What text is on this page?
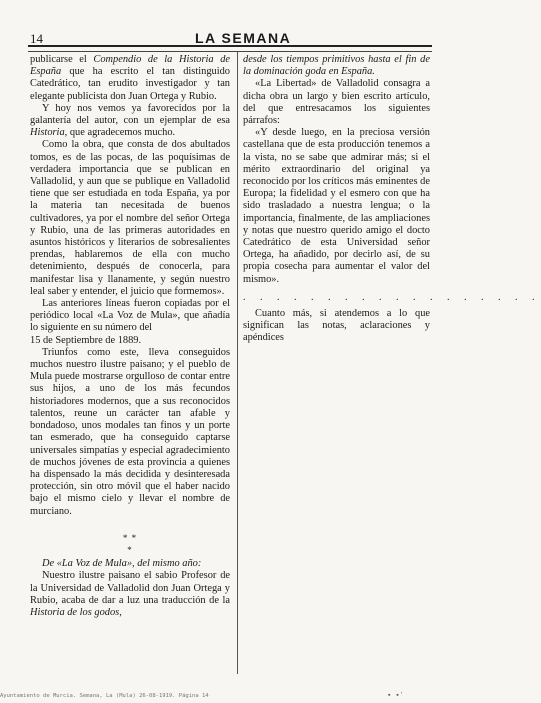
14	LA SEMANA

publicarse el Compendio de la Historia de España que ha escrito el tan distinguido Catedrático, tan erudito investigador y tan elegante publicista don Juan Ortega y Rubio.

Y hoy nos vemos ya favorecidos por la galantería del autor, con un ejemplar de esa Historia, que agradecemos mucho.

Como la obra, que consta de dos abultados tomos, es de las pocas, de las poquísimas de verdadera importancia que se publican en Valladolid, y aun que se publique en Valladolid tiene que ser estudiada en toda España, ya por la materia tan necesitada de buenos cultivadores, ya por el nombre del señor Ortega y Rubio, una de las primeras autoridades en asuntos históricos y literarios de sobresalientes prendas, hablaremos de ella con mucho detenimiento, después de conocerla, para manifestar lisa y llanamente, y según nuestro leal saber y entender, el juicio que formemos».

Las anteriores líneas fueron copiadas por el periódico local «La Voz de Mula», que añadía lo siguiente en su número del
15 de Septiembre de 1889.

Triunfos como este, lleva conseguidos muchos nuestro ilustre paisano; y el pueblo de Mula puede mostrarse orgulloso de contar entre sus hijos, a uno de los más fecundos historiadores modernos, que a sus reconocidos talentos, reune un carácter tan afable y bondadoso, unos modales tan finos y un porte tan esmerado, que ha conseguido captarse universales simpatías y especial agradecimiento de muchos jóvenes de esta provincia a quienes ha dispensado la más decidida y desinteresada protección, sin otro móvil que el haber nacido bajo el mismo cielo y llevar el nombre de murciano.

* *
*

De «La Voz de Mula», del mismo año:

Nuestro ilustre paisano el sabio Profesor de la Universidad de Valladolid don Juan Ortega y Rubio, acaba de dar a luz una traducción de la Historia de los godos,

desde los tiempos primitivos hasta el fin de la dominación goda en España.

«La Libertad» de Valladolid consagra a dicha obra un largo y bien escrito artículo, del que entresacamos los siguientes párrafos:

«Y desde luego, en la preciosa versión castellana que de esta producción tenemos a la vista, no se sabe que admirar más; si el mérito extraordinario del original ya reconocido por los críticos más eminentes de Europa; la fidelidad y el esmero con que ha sido trasladado a nuestra lengua; o la importancia, finalmente, de las ampliaciones y notas que nuestro querido amigo el docto Catedrático de esta Universidad señor Ortega, ha añadido, por decirlo así, de su propia cosecha para aumentar el valor del mismo».

. . . . . . . . . . . . . . . . . .

Cuanto más, si atendemos a lo que significan las notas, aclaraciones y apéndices

Ayuntamiento de Murcia. Semana, La (Mula) 26-08-1919. Página 14	▪ ▪'
